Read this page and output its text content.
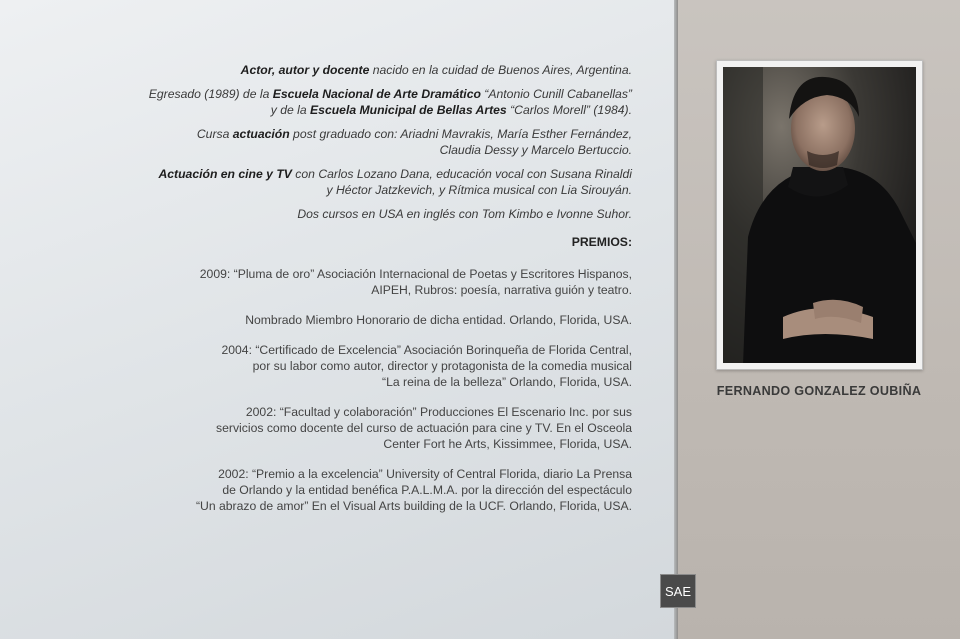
Actor, autor y docente nacido en la cuidad de Buenos Aires, Argentina.

Egresado (1989) de la Escuela Nacional de Arte Dramático “Antonio Cunill Cabanellas”
y de la Escuela Municipal de Bellas Artes “Carlos Morell” (1984).

Cursa actuación post graduado con: Ariadni Mavrakis, María Esther Fernández,
Claudia Dessy y Marcelo Bertuccio.

Actuación en cine y TV con Carlos Lozano Dana, educación vocal con Susana Rinaldi
y Héctor Jatzkevich, y Rítmica musical con Lia Sirouyán.

Dos cursos en USA en inglés con Tom Kimbo e Ivonne Suhor.

PREMIOS:
2009: “Pluma de oro” Asociación Internacional de Poetas y Escritores Hispanos,
AIPEH, Rubros: poesía, narrativa guión y teatro.
Nombrado Miembro Honorario de dicha entidad. Orlando, Florida, USA.
2004: “Certificado de Excelencia” Asociación Borinqueña de Florida Central,
por su labor como autor, director y protagonista de la comedia musical
“La reina de la belleza” Orlando, Florida, USA.
2002: “Facultad y colaboración” Producciones El Escenario Inc. por sus
servicios como docente del curso de actuación para cine y TV. En el Osceola
Center Fort he Arts, Kissimmee, Florida, USA.
2002: “Premio a la excelencia” University of Central Florida, diario La Prensa
de Orlando y la entidad benéfica P.A.L.M.A. por la dirección del espectáculo
“Un abrazo de amor” En el Visual Arts building de la UCF. Orlando, Florida, USA.
FERNANDO GONZALEZ OUBIÑA
SAE
